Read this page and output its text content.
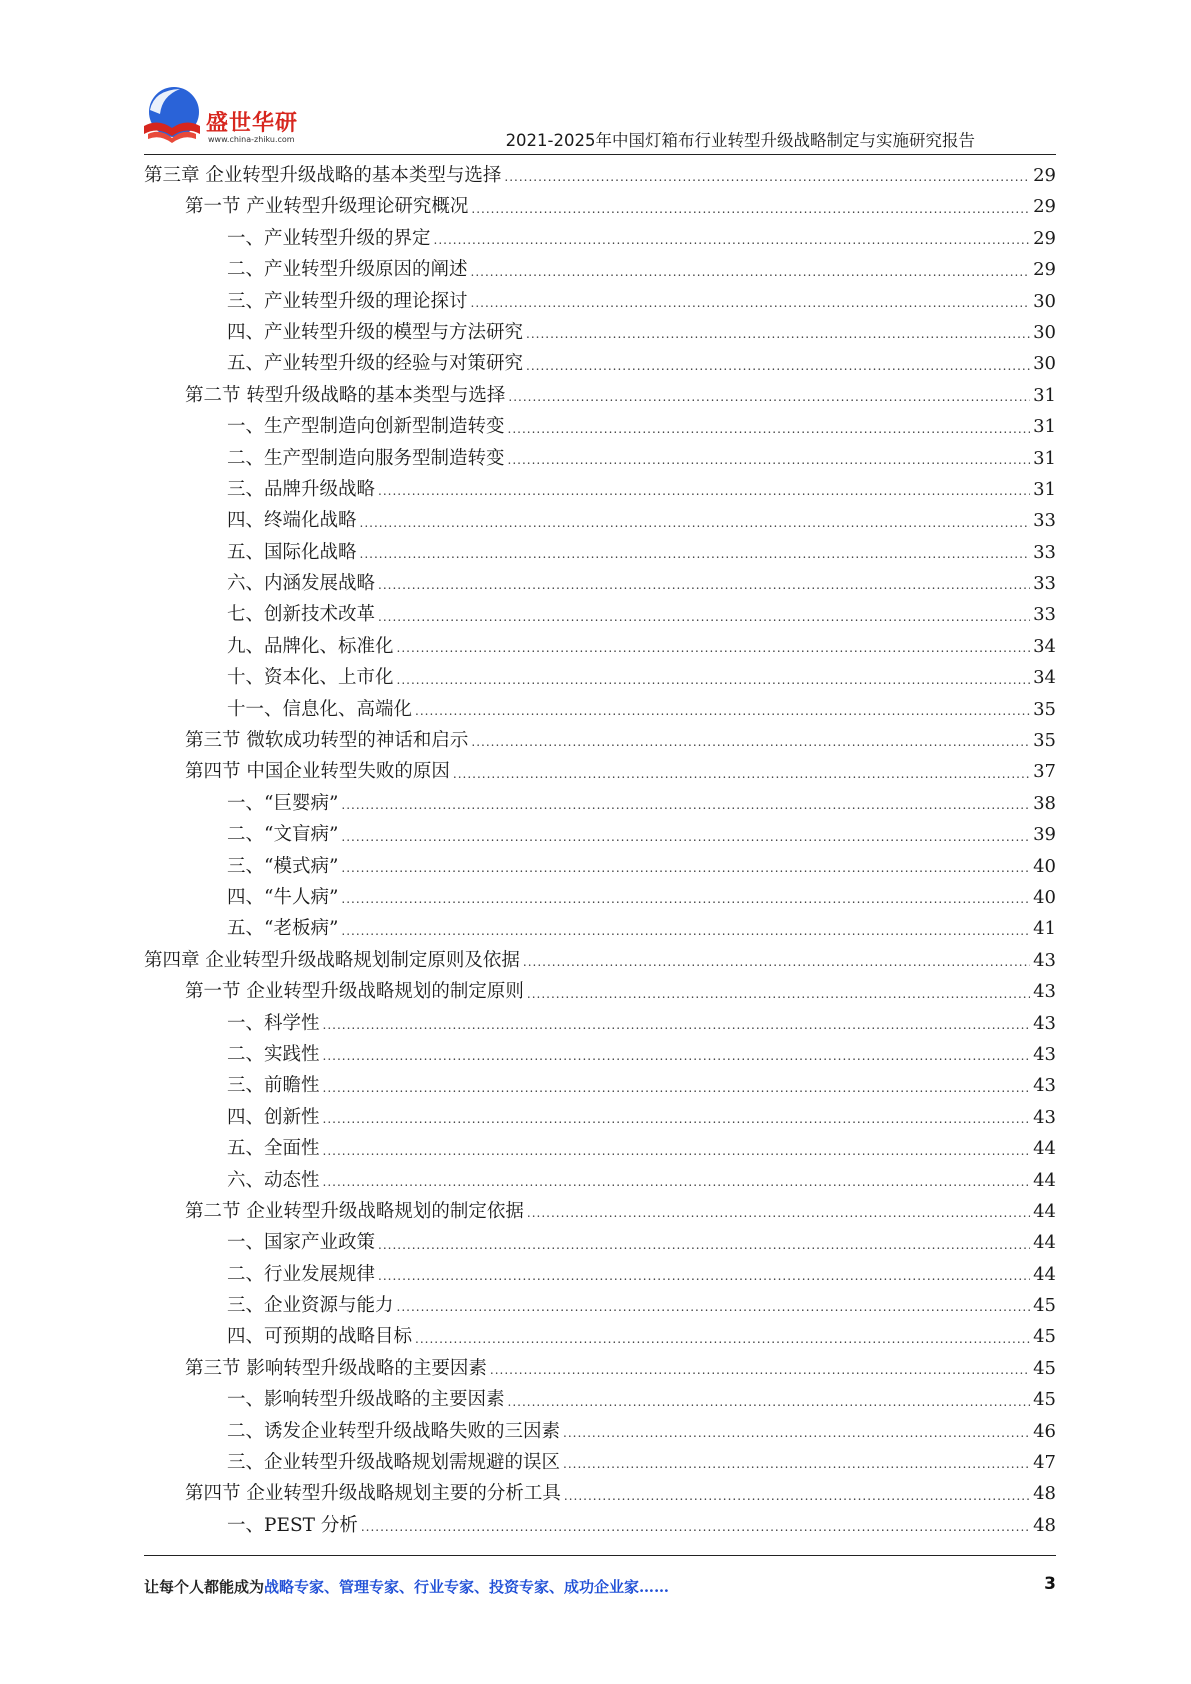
盛世华研
www.china-zhiku.com	2021-2025年中国灯箱布行业转型升级战略制定与实施研究报告
第三章 企业转型升级战略的基本类型与选择 .....	29
第一节 产业转型升级理论研究概况 .....	29
一、产业转型升级的界定 .....	29
二、产业转型升级原因的阐述 .....	29
三、产业转型升级的理论探讨 .....	30
四、产业转型升级的模型与方法研究 .....	30
五、产业转型升级的经验与对策研究 .....	30
第二节 转型升级战略的基本类型与选择 .....	31
一、生产型制造向创新型制造转变 .....	31
二、生产型制造向服务型制造转变 .....	31
三、品牌升级战略 .....	31
四、终端化战略 .....	33
五、国际化战略 .....	33
六、内涵发展战略 .....	33
七、创新技术改革 .....	33
九、品牌化、标准化 .....	34
十、资本化、上市化 .....	34
十一、信息化、高端化 .....	35
第三节 微软成功转型的神话和启示 .....	35
第四节 中国企业转型失败的原因 .....	37
一、“巨婴病” .....	38
二、“文盲病” .....	39
三、“模式病” .....	40
四、“牛人病” .....	40
五、“老板病” .....	41
第四章 企业转型升级战略规划制定原则及依据 .....	43
第一节 企业转型升级战略规划的制定原则 .....	43
一、科学性 .....	43
二、实践性 .....	43
三、前瞻性 .....	43
四、创新性 .....	43
五、全面性 .....	44
六、动态性 .....	44
第二节 企业转型升级战略规划的制定依据 .....	44
一、国家产业政策 .....	44
二、行业发展规律 .....	44
三、企业资源与能力 .....	45
四、可预期的战略目标 .....	45
第三节 影响转型升级战略的主要因素 .....	45
一、影响转型升级战略的主要因素 .....	45
二、诱发企业转型升级战略失败的三因素 .....	46
三、企业转型升级战略规划需规避的误区 .....	47
第四节 企业转型升级战略规划主要的分析工具 .....	48
一、PEST 分析 .....	48
让每个人都能成为战略专家、管理专家、行业专家、投资专家、成功企业家……	3
